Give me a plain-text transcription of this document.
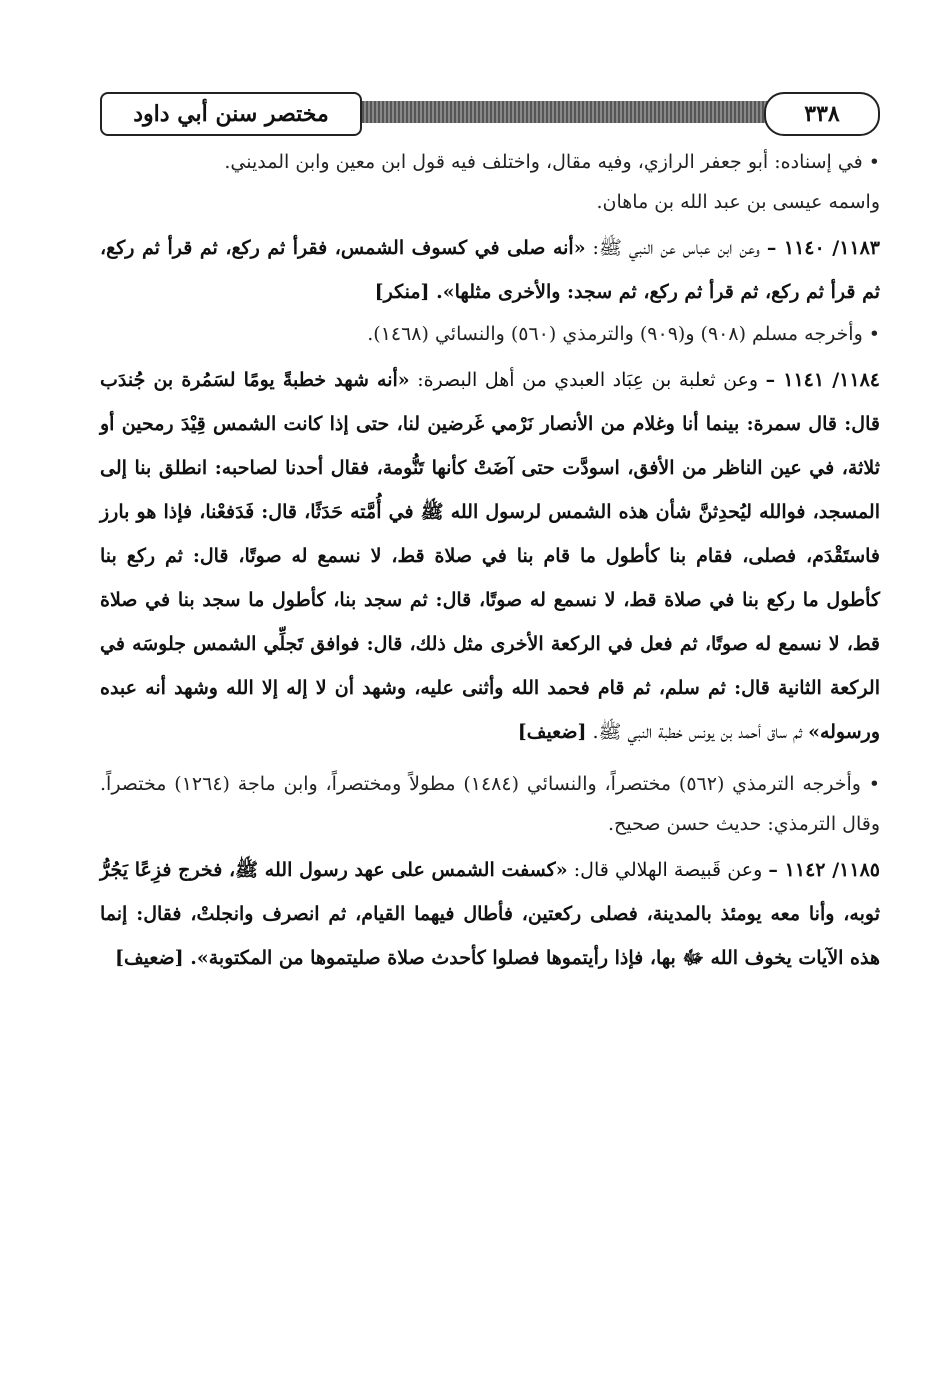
٣٣٨
مختصر سنن أبي داود

• في إسناده: أبو جعفر الرازي، وفيه مقال، واختلف فيه قول ابن معين وابن المديني.

واسمه عيسى بن عبد الله بن ماهان.

١١٨٣/ ١١٤٠ – وعن ابن عباس عن النبي ﷺ: «أنه صلى في كسوف الشمس، فقرأ ثم ركع، ثم قرأ ثم ركع، ثم قرأ ثم ركع، ثم قرأ ثم ركع، ثم سجد: والأخرى مثلها». [منكر]

• وأخرجه مسلم (٩٠٨) و(٩٠٩) والترمذي (٥٦٠) والنسائي (١٤٦٨).

١١٨٤/ ١١٤١ – وعن ثعلبة بن عِبَاد العبدي من أهل البصرة: «أنه شهد خطبةً يومًا لسَمُرة بن جُندَب قال: قال سمرة: بينما أنا وغلام من الأنصار نَرْمي غَرضين لنا، حتى إذا كانت الشمس قِيْدَ رمحين أو ثلاثة، في عين الناظر من الأفق، اسودَّت حتى آضَتْ كأنها تَنُّومة، فقال أحدنا لصاحبه: انطلق بنا إلى المسجد، فوالله ليُحدِثنَّ شأن هذه الشمس لرسول الله ﷺ في أُمَّته حَدَثًا، قال: فَدَفعْنا، فإذا هو بارز فاستَقْدَم، فصلى، فقام بنا كأطول ما قام بنا في صلاة قط، لا نسمع له صوتًا، قال: ثم ركع بنا كأطول ما ركع بنا في صلاة قط، لا نسمع له صوتًا، قال: ثم سجد بنا، كأطول ما سجد بنا في صلاة قط، لا نسمع له صوتًا، ثم فعل في الركعة الأخرى مثل ذلك، قال: فوافق تَجلِّي الشمس جلوسَه في الركعة الثانية قال: ثم سلم، ثم قام فحمد الله وأثنى عليه، وشهد أن لا إله إلا الله وشهد أنه عبده ورسوله» ثم ساق أحمد بن يونس خطبة النبي ﷺ. [ضعيف]

• وأخرجه الترمذي (٥٦٢) مختصراً، والنسائي (١٤٨٤) مطولاً ومختصراً، وابن ماجة (١٢٦٤) مختصراً. وقال الترمذي: حديث حسن صحيح.

١١٨٥/ ١١٤٢ – وعن قَبيصة الهلالي قال: «كسفت الشمس على عهد رسول الله ﷺ، فخرج فزِعًا يَجُرُّ ثوبه، وأنا معه يومئذ بالمدينة، فصلى ركعتين، فأطال فيهما القيام، ثم انصرف وانجلتْ، فقال: إنما هذه الآيات يخوف الله ﷻ بها، فإذا رأيتموها فصلوا كأحدث صلاة صليتموها من المكتوبة». [ضعيف]
